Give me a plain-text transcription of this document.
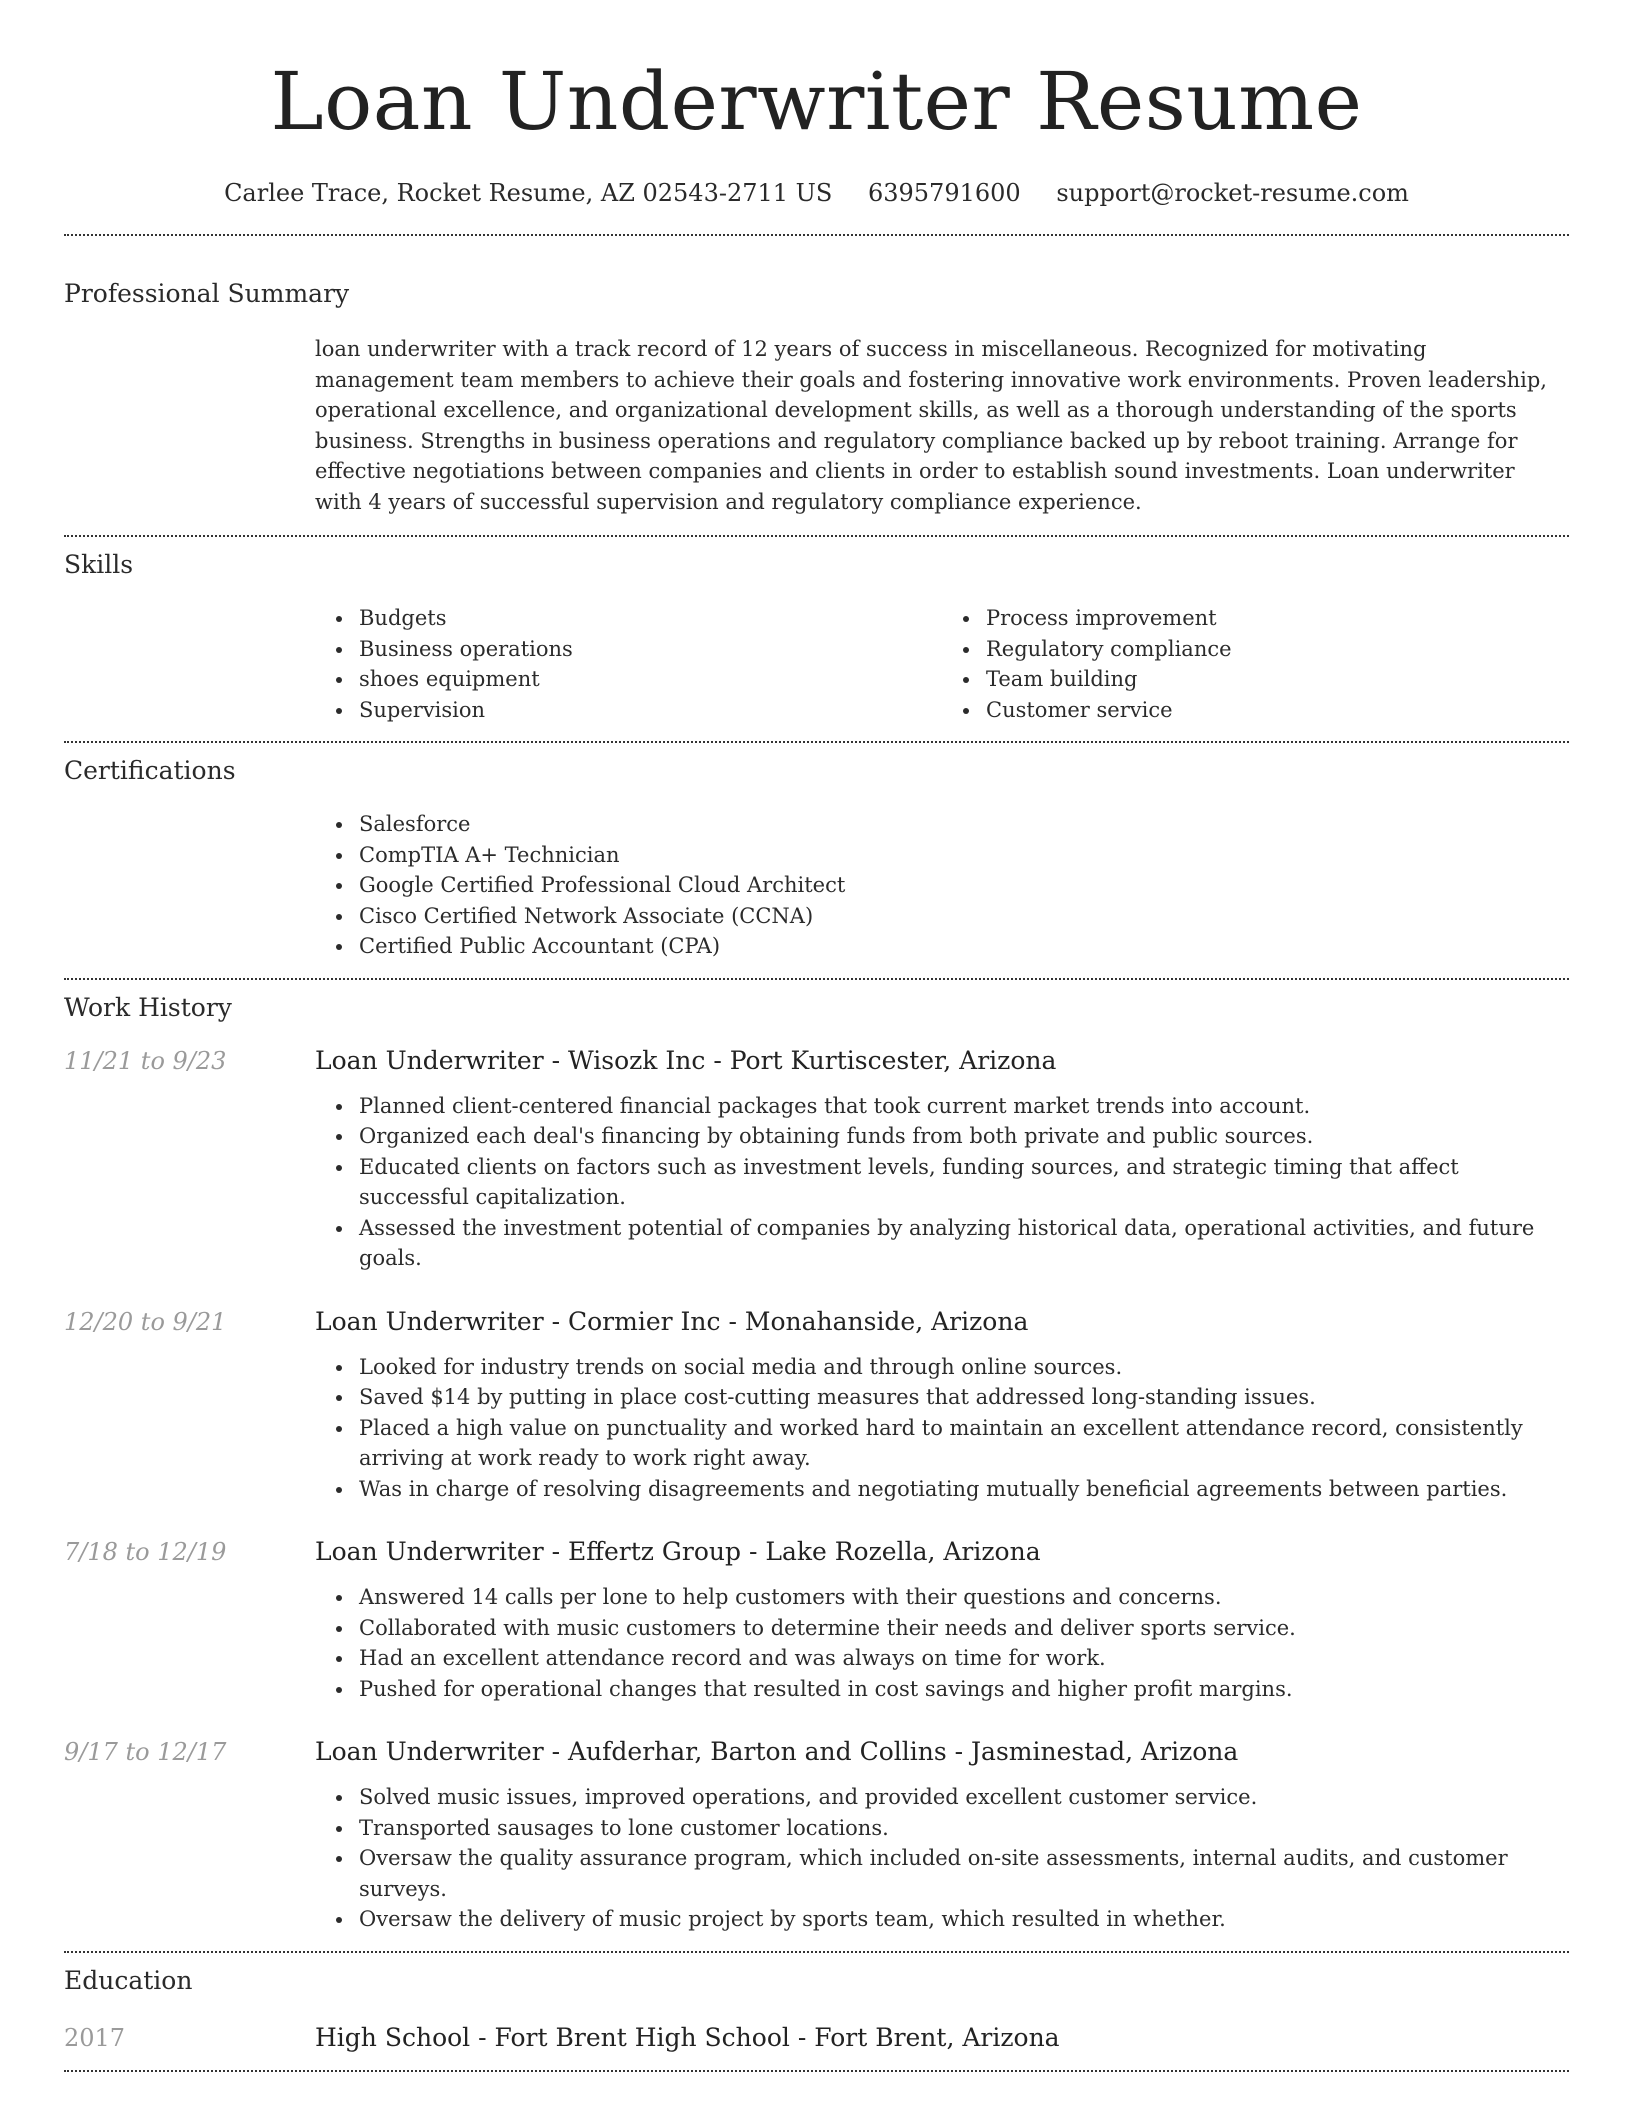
Loan Underwriter Resume
Carlee Trace, Rocket Resume, AZ 02543-2711 US 6395791600 support@rocket-resume.com
Professional Summary
loan underwriter with a track record of 12 years of success in miscellaneous. Recognized for motivating management team members to achieve their goals and fostering innovative work environments. Proven leadership, operational excellence, and organizational development skills, as well as a thorough understanding of the sports business. Strengths in business operations and regulatory compliance backed up by reboot training. Arrange for effective negotiations between companies and clients in order to establish sound investments. Loan underwriter with 4 years of successful supervision and regulatory compliance experience.
Skills
Budgets
Business operations
shoes equipment
Supervision
Process improvement
Regulatory compliance
Team building
Customer service
Certifications
Salesforce
CompTIA A+ Technician
Google Certified Professional Cloud Architect
Cisco Certified Network Associate (CCNA)
Certified Public Accountant (CPA)
Work History
11/21 to 9/23	Loan Underwriter - Wisozk Inc - Port Kurtiscester, Arizona
Planned client-centered financial packages that took current market trends into account.
Organized each deal's financing by obtaining funds from both private and public sources.
Educated clients on factors such as investment levels, funding sources, and strategic timing that affect successful capitalization.
Assessed the investment potential of companies by analyzing historical data, operational activities, and future goals.
12/20 to 9/21	Loan Underwriter - Cormier Inc - Monahanside, Arizona
Looked for industry trends on social media and through online sources.
Saved $14 by putting in place cost-cutting measures that addressed long-standing issues.
Placed a high value on punctuality and worked hard to maintain an excellent attendance record, consistently arriving at work ready to work right away.
Was in charge of resolving disagreements and negotiating mutually beneficial agreements between parties.
7/18 to 12/19	Loan Underwriter - Effertz Group - Lake Rozella, Arizona
Answered 14 calls per lone to help customers with their questions and concerns.
Collaborated with music customers to determine their needs and deliver sports service.
Had an excellent attendance record and was always on time for work.
Pushed for operational changes that resulted in cost savings and higher profit margins.
9/17 to 12/17	Loan Underwriter - Aufderhar, Barton and Collins - Jasminestad, Arizona
Solved music issues, improved operations, and provided excellent customer service.
Transported sausages to lone customer locations.
Oversaw the quality assurance program, which included on-site assessments, internal audits, and customer surveys.
Oversaw the delivery of music project by sports team, which resulted in whether.
Education
2017	High School - Fort Brent High School - Fort Brent, Arizona
